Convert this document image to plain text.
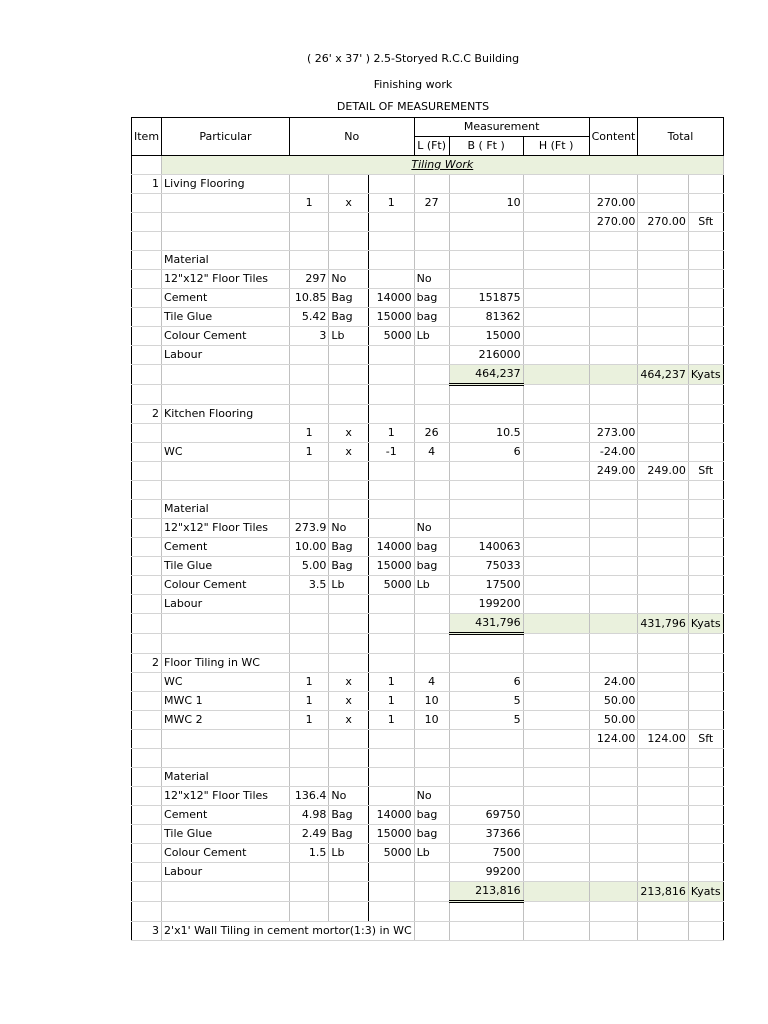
( 26' x 37' ) 2.5-Storyed R.C.C Building
Finishing work
DETAIL OF MEASUREMENTS
Item	Particular	No			Measurement			Content	Total	
					L (Ft)	B ( Ft )	H (Ft )			
	Tiling Work									
1	Living Flooring									
		1	x	1	27	10		270.00		
								270.00	270.00	Sft

	Material									
	12"x12" Floor Tiles	297	No		No					
	Cement	10.85	Bag	14000	bag	151875				
	Tile Glue	5.42	Bag	15000	bag	81362				
	Colour Cement	3	Lb	5000	Lb	15000				
	Labour					216000				
						464,237			464,237	Kyats

2	Kitchen Flooring									
		1	x	1	26	10.5		273.00		
	WC	1	x	-1	4	6		-24.00		
								249.00	249.00	Sft

	Material									
	12"x12" Floor Tiles	273.9	No		No					
	Cement	10.00	Bag	14000	bag	140063				
	Tile Glue	5.00	Bag	15000	bag	75033				
	Colour Cement	3.5	Lb	5000	Lb	17500				
	Labour					199200				
						431,796			431,796	Kyats

2	Floor Tiling in WC									
	WC	1	x	1	4	6		24.00		
	MWC 1	1	x	1	10	5		50.00		
	MWC 2	1	x	1	10	5		50.00		
								124.00	124.00	Sft

	Material									
	12"x12" Floor Tiles	136.4	No		No					
	Cement	4.98	Bag	14000	bag	69750				
	Tile Glue	2.49	Bag	15000	bag	37366				
	Colour Cement	1.5	Lb	5000	Lb	7500				
	Labour					99200				
						213,816			213,816	Kyats

3	2'x1' Wall Tiling in cement mortor(1:3) in WC									
